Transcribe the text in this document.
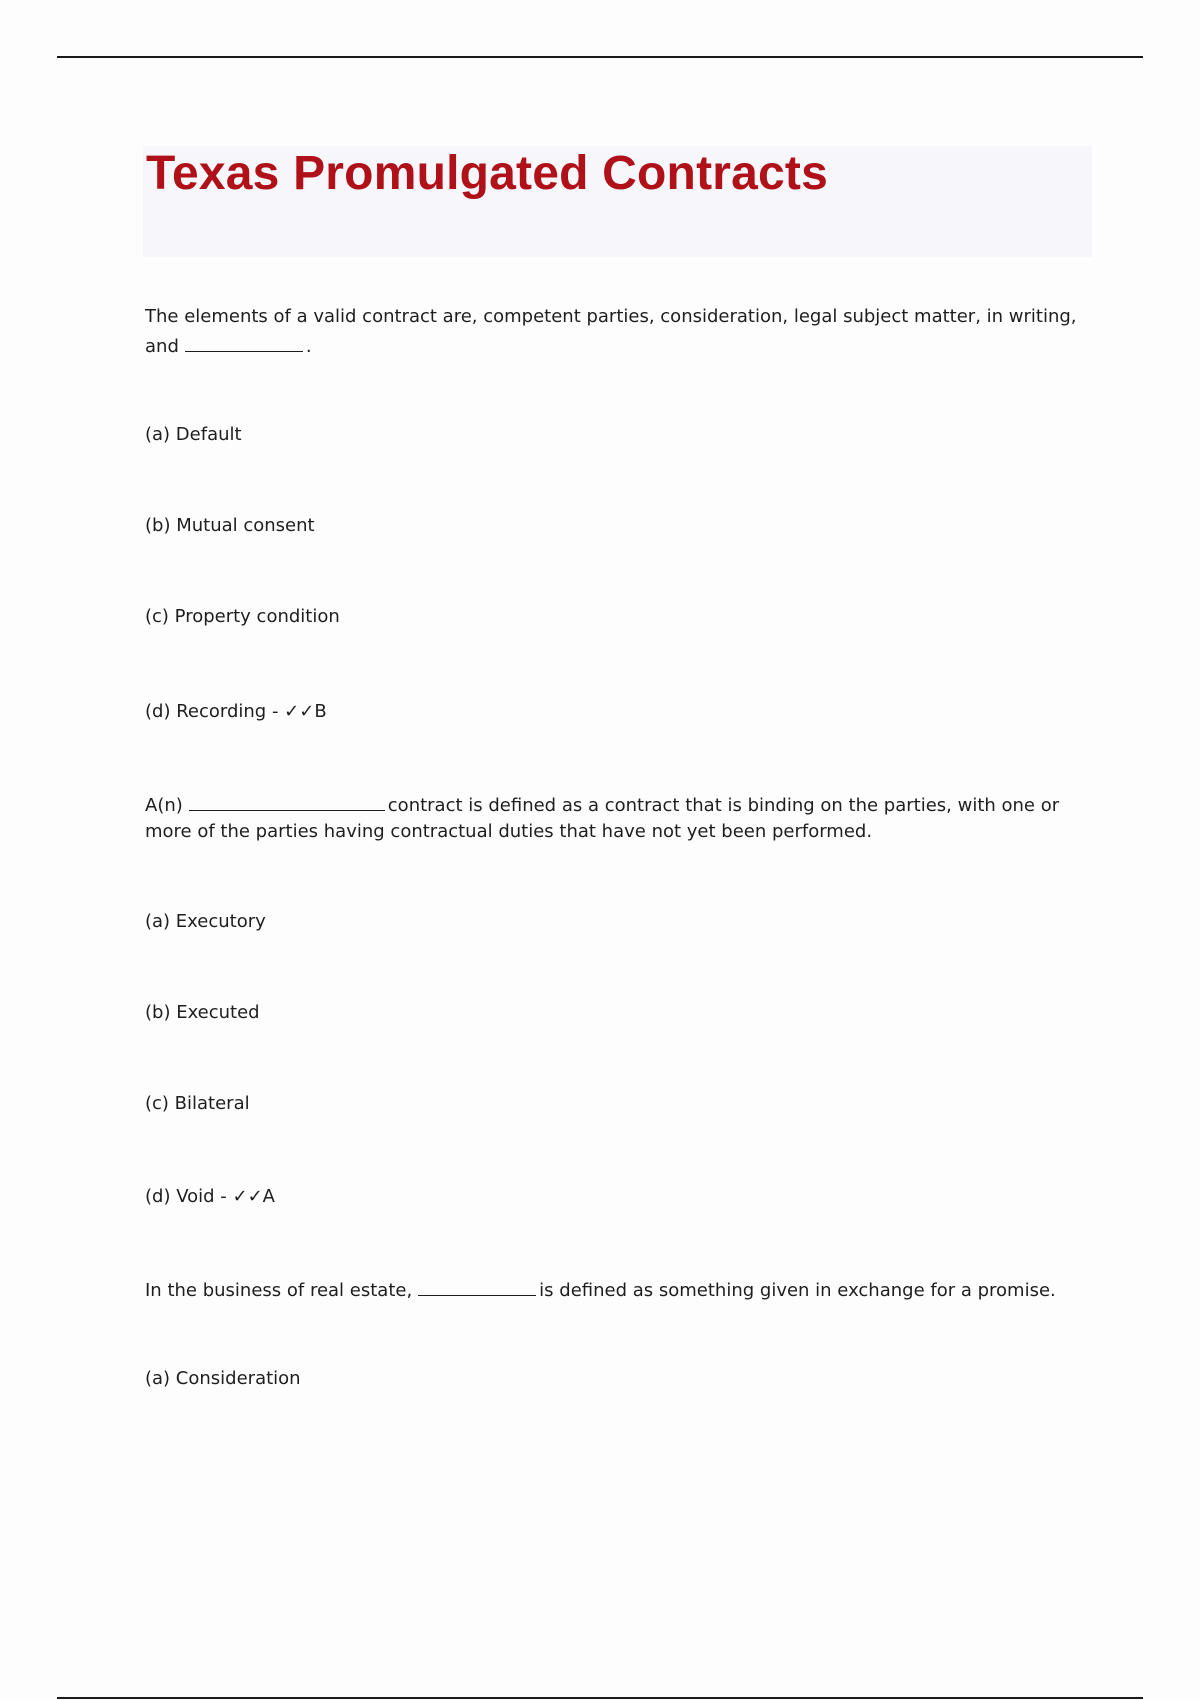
Texas Promulgated Contracts

The elements of a valid contract are, competent parties, consideration, legal subject matter, in writing,

and	.

(a) Default

(b) Mutual consent

(c) Property condition

(d) Recording - ✓✓B

A(n)	contract is defined as a contract that is binding on the parties, with one or

more of the parties having contractual duties that have not yet been performed.

(a) Executory

(b) Executed

(c) Bilateral

(d) Void - ✓✓A

In the business of real estate,	is defined as something given in exchange for a promise.

(a) Consideration
